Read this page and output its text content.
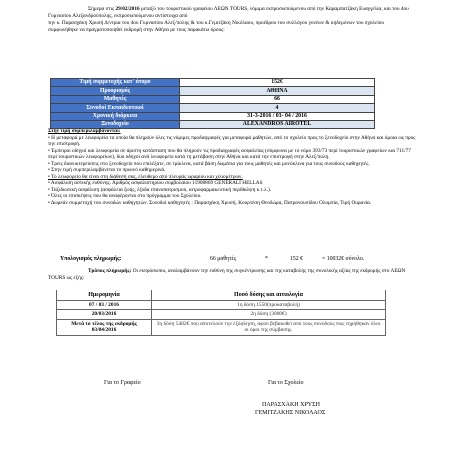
Σήμερα στις 29/02/2016 μεταξύ του τουριστικού γραφείου ΛΕΩΝ TOURS, νόμιμα εκπροσωπούμενου από την Καραμπατζάκη Ευαγγελία, και του 4ου Γυμνασίου Αλεξανδρούπολης, εκπροσωπούμενου αντίστοιχα από

την κ. Παρασχάκη Χρυσή Δ/ντρια του 4ου Γυμνασίου Αλεξ/πολης & του κ.Γεμιτζάκη Νικόλαου, προέδρου του συλλόγου γονέων & κηδεμόνων του σχολείου

συμφωνήθηκε να πραγματοποιηθεί εκδρομή στην Αθήνα με τους παρακάτω όρους:

Τιμή συμμετοχής κατ' άτομο	152€
Προορισμός	ΑΘΗΝΑ
Μαθητές	66
Συνοδοί Εκπαιδευτικοί	4
Χρονική διάρκεια	31-3-2016 / 03- 04 / 2016
Ξενοδοχείο	ALEXANDROS AIROTEL

Στην τιμή συμπεριλαμβάνονται:

• Η μεταφορά με λεωφορεία τα οποία θα πληρούν όλες τις νόμιμες προδιαγραφές για μεταφορά μαθητών, από το σχολείο προς το ξενοδοχείο στην Αθήνα και όμοια ως προς την επιστροφή.

• Έμπειροι οδηγοί και λεωφορεία σε άριστη κατάσταση που θα πληρούν τις προδιαγραφές ασφαλείας (σύμφωνα με το νόμο 393/73 περί τουριστικών γραφείων και 711/77 περί τουριστικών λεωφορείων), δυο οδηγοί ανά λεωφορείο κατά τη μετάβαση στην Αθήνα και κατά την επιστροφή στην Αλεξ/πολη.

• Τρεις διανυκτερεύσεις στο ξενοδοχείο που επιλέξατε, σε τρίκλινα, κατά βάση δωμάτια για τους μαθητές και μονόκλινα για τους συνοδούς καθηγητές.

• Στην τιμή συμπεριλαμβάνεται το πρωινό καθημερινά.

• Το λεωφορείο θα είναι στη διάθεσή σας, ελεύθερο από πλευράς ωραρίου και χιλιομέτρων.

• Ασφάλιση αστικής ευθύνης. Αριθμός ασφαλιστηρίου συμβολαίου 11908869 GENERALI HELLAS

• Ταξιδιωτική ασφάλιση (ασφάλεια ζωής, έξοδα επαναπατρισμού, ιατροφαρμακευτική περίθαλψη κ.τ.λ.).

• Όλες οι επισκέψεις που θα αναφέρονται στο πρόγραμμα του Σχολείου.

• Δωρεάν συμμετοχή του συνοδών καθηγητών. Συνοδοί καθηγητές : Παρασχάκη Χρυσή, Κουρτέση Θεοδώρα, Πατρονουσίδου Ολυμπία, Τιρή Ουρανία.

Υπολογισμός πληρωμής:	66 μαθητές	*	152 €	= 10032€ σύνολο.

Τρόπος πληρωμής: Οι εκπρόσωποι, αναλαμβάνουν την ευθύνη της συγκέντρωσης και της καταβολής της συνολικής αξίας της εκδρομής στο ΛΕΩΝ TOURS ως εξής:

Ημερομηνία	Ποσό δόσης και αιτιολογία
07 / 03 / 2016	1η δόση 1550(προκαταβολή)
20/03/2016	2η δόση (3000€)
Μετά το τέλος της εκδρομής 03/04/2016	3η δόση 5482€ που αποτελούν την εξόφληση, αφού βεβαιωθεί από τους συνοδούς πως τηρήθηκαν όλοι οι όροι της σύμβασης.
Για το Γραφείο	Για το Σχολείο
ΠΑΡΑΣΧΑΚΗ ΧΡΥΣΗ
ΓΕΜΙΤΖΑΚΗΣ ΝΙΚΟΛΑΟΣ
